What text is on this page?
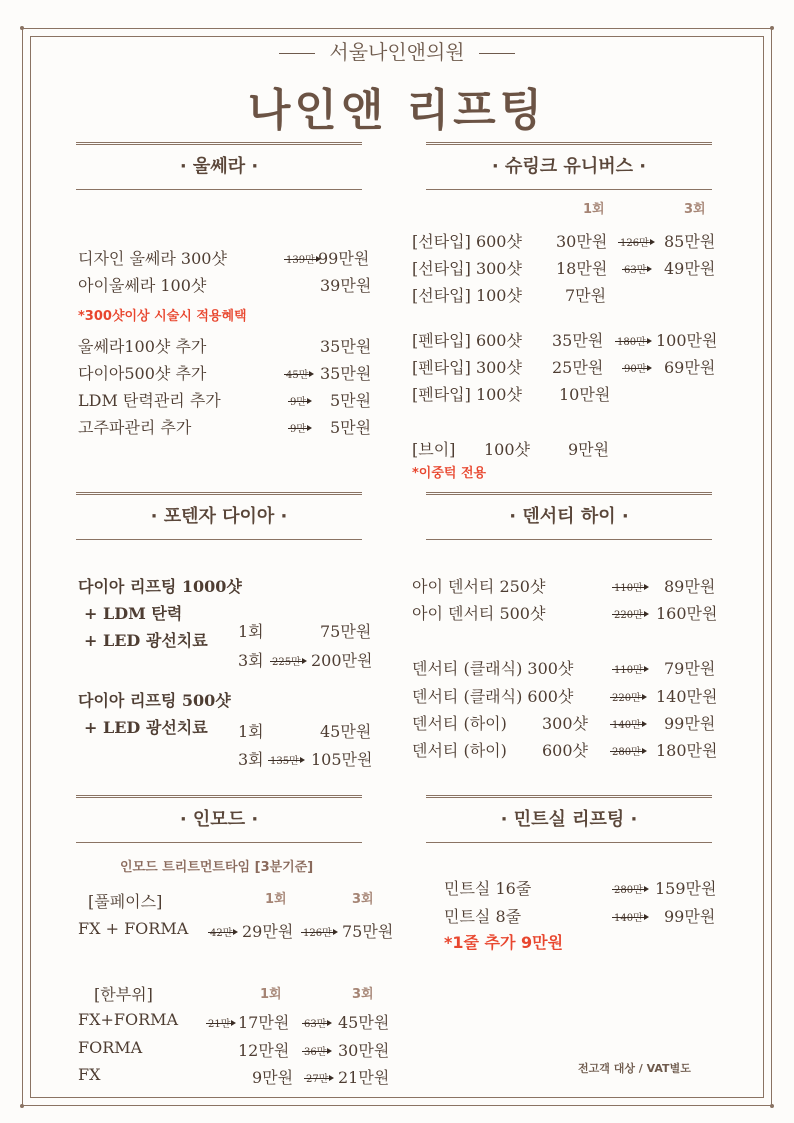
서울나인앤의원
나인앤 리프팅
· 울쎄라 ·
디자인 울쎄라 300샷	139만 99만원
아이울쎄라 100샷	39만원
*300샷이상 시술시 적용혜택
울쎄라100샷 추가	35만원
다이아500샷 추가	45만 35만원
LDM 탄력관리 추가	9만 5만원
고주파관리 추가	9만 5만원
· 슈링크 유니버스 ·
1회	3회
[선타입] 600샷 30만원 126만 85만원
[선타입] 300샷 18만원 63만 49만원
[선타입] 100샷	7만원
[펜타입] 600샷 35만원 180만 100만원
[펜타입] 300샷 25만원 90만 69만원
[펜타입] 100샷 10만원
[브이] 100샷 9만원
*이중턱 전용
· 포텐자 다이아 ·
다이아 리프팅 1000샷
+ LDM 탄력
+ LED 광선치료 1회	75만원
3회 225만 200만원
다이아 리프팅 500샷
+ LED 광선치료 1회	45만원
3회 135만 105만원
· 덴서티 하이 ·
아이 덴서티 250샷	110만 89만원
아이 덴서티 500샷	220만 160만원
덴서티 (클래식) 300샷	110만 79만원
덴서티 (클래식) 600샷	220만 140만원
덴서티 (하이) 300샷 140만 99만원
덴서티 (하이) 600샷 280만 180만원
· 인모드 ·
인모드 트리트먼트타임 [3분기준]
[풀페이스]	1회	3회
FX + FORMA 42만 29만원 126만 75만원
[한부위]	1회	3회
FX+FORMA	21만 17만원 63만 45만원
FORMA	12만원 36만 30만원
FX	9만원 27만 21만원
· 민트실 리프팅 ·
민트실 16줄	280만 159만원
민트실 8줄	140만 99만원
*1줄 추가 9만원
전고객 대상 / VAT별도
